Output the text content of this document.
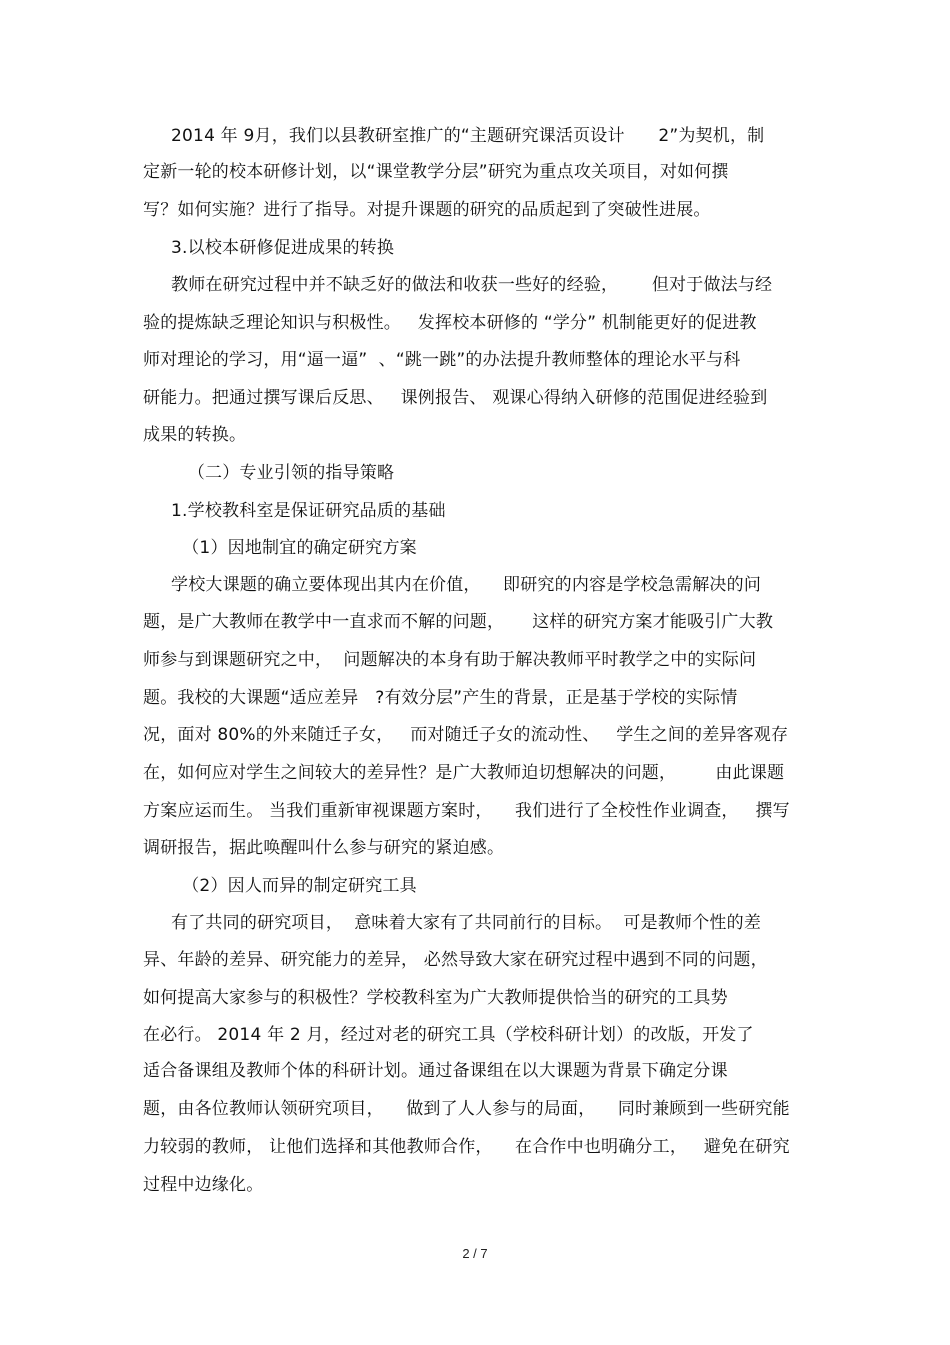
2014 年 9月，我们以县教研室推广的“主题研究课活页设计      2”为契机，制
定新一轮的校本研修计划，以“课堂教学分层”研究为重点攻关项目，对如何撰
写？如何实施？进行了指导。对提升课题的研究的品质起到了突破性进展。
3.以校本研修促进成果的转换
教师在研究过程中并不缺乏好的做法和收获一些好的经验，      但对于做法与经
验的提炼缺乏理论知识与积极性。   发挥校本研修的 “学分” 机制能更好的促进教
师对理论的学习，用“逼一逼”  、“跳一跳”的办法提升教师整体的理论水平与科
研能力。把通过撰写课后反思、   课例报告、 观课心得纳入研修的范围促进经验到
成果的转换。
（二）专业引领的指导策略
1.学校教科室是保证研究品质的基础
（1）因地制宜的确定研究方案
学校大课题的确立要体现出其内在价值，    即研究的内容是学校急需解决的问
题，是广大教师在教学中一直求而不解的问题，     这样的研究方案才能吸引广大教
师参与到课题研究之中，  问题解决的本身有助于解决教师平时教学之中的实际问
题。我校的大课题“适应差异   ?有效分层”产生的背景，正是基于学校的实际情
况，面对 80%的外来随迁子女，   而对随迁子女的流动性、   学生之间的差异客观存
在，如何应对学生之间较大的差异性？是广大教师迫切想解决的问题，       由此课题
方案应运而生。 当我们重新审视课题方案时，    我们进行了全校性作业调查，   撰写
调研报告，据此唤醒叫什么参与研究的紧迫感。
（2）因人而异的制定研究工具
有了共同的研究项目，  意味着大家有了共同前行的目标。  可是教师个性的差
异、年龄的差异、研究能力的差异， 必然导致大家在研究过程中遇到不同的问题，
如何提高大家参与的积极性？学校教科室为广大教师提供恰当的研究的工具势
在必行。 2014 年 2 月，经过对老的研究工具（学校科研计划）的改版，开发了
适合备课组及教师个体的科研计划。通过备课组在以大课题为背景下确定分课
题，由各位教师认领研究项目，    做到了人人参与的局面，    同时兼顾到一些研究能
力较弱的教师， 让他们选择和其他教师合作，    在合作中也明确分工，   避免在研究
过程中边缘化。
2 / 7
